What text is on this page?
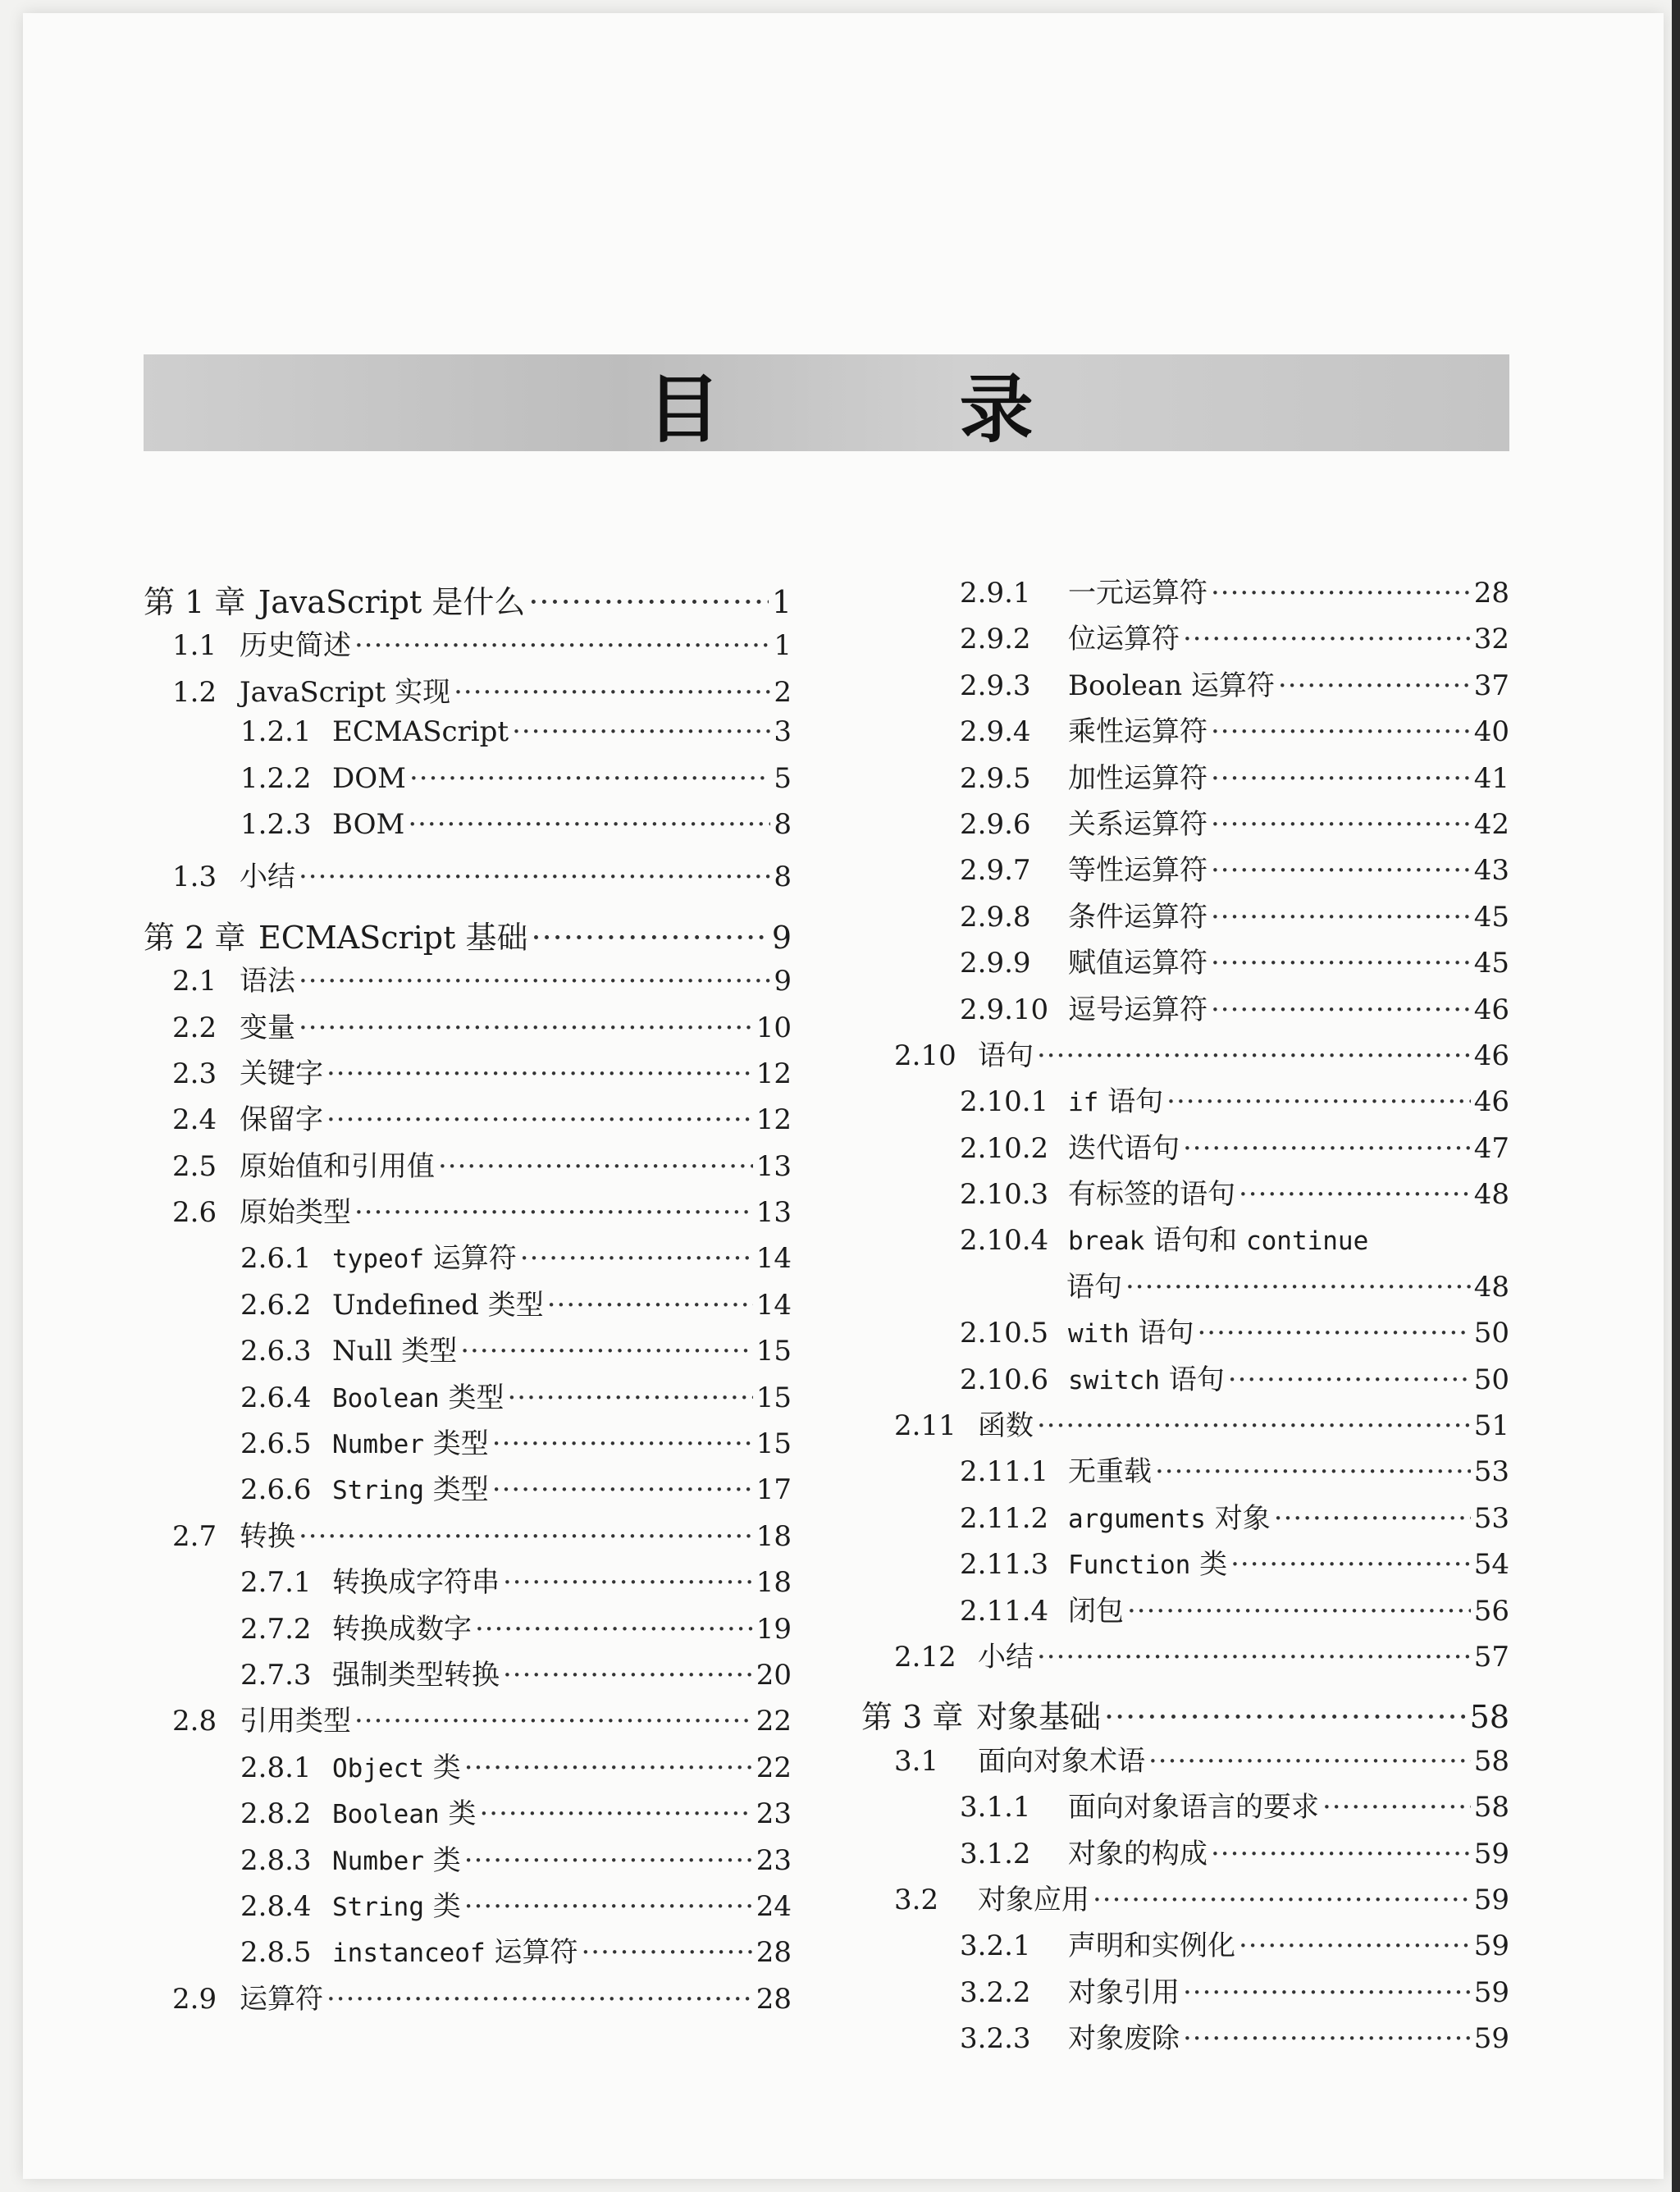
目 录
第 1 章 JavaScript 是什么 ·····	1
1.1 历史简述 ·····	1
1.2 JavaScript 实现 ·····	2
1.2.1 ECMAScript ·····	3
1.2.2 DOM ·····	5
1.2.3 BOM ·····	8
1.3 小结 ·····	8
第 2 章 ECMAScript 基础 ·····	9
2.1 语法 ·····	9
2.2 变量 ·····	10
2.3 关键字 ·····	12
2.4 保留字 ·····	12
2.5 原始值和引用值 ·····	13
2.6 原始类型 ·····	13
2.6.1 typeof 运算符 ·····	14
2.6.2 Undefined 类型 ·····	14
2.6.3 Null 类型 ·····	15
2.6.4 Boolean 类型 ·····	15
2.6.5 Number 类型 ·····	15
2.6.6 String 类型 ·····	17
2.7 转换 ·····	18
2.7.1 转换成字符串 ·····	18
2.7.2 转换成数字 ·····	19
2.7.3 强制类型转换 ·····	20
2.8 引用类型 ·····	22
2.8.1 Object 类 ·····	22
2.8.2 Boolean 类 ·····	23
2.8.3 Number 类 ·····	23
2.8.4 String 类 ·····	24
2.8.5 instanceof 运算符 ·····	28
2.9 运算符 ·····	28
2.9.1	一元运算符 ·····	28
2.9.2	位运算符 ·····	32
2.9.3	Boolean 运算符 ·····	37
2.9.4	乘性运算符 ·····	40
2.9.5	加性运算符 ·····	41
2.9.6	关系运算符 ·····	42
2.9.7	等性运算符 ·····	43
2.9.8	条件运算符 ·····	45
2.9.9	赋值运算符 ·····	45
2.9.10 逗号运算符 ·····	46
2.10 语句 ·····	46
2.10.1 if 语句 ·····	46
2.10.2 迭代语句 ·····	47
2.10.3 有标签的语句 ·····	48
2.10.4 break 语句和 continue
语句 ·····	48
2.10.5 with 语句 ·····	50
2.10.6 switch 语句 ·····	50
2.11 函数 ·····	51
2.11.1 无重载 ·····	53
2.11.2 arguments 对象 ·····	53
2.11.3 Function 类 ·····	54
2.11.4 闭包 ·····	56
2.12 小结 ·····	57
第 3 章 对象基础 ·····	58
3.1	面向对象术语 ·····	58
3.1.1	面向对象语言的要求 ·····	58
3.1.2	对象的构成 ·····	59
3.2	对象应用 ·····	59
3.2.1	声明和实例化 ·····	59
3.2.2	对象引用 ·····	59
3.2.3	对象废除 ·····	59
